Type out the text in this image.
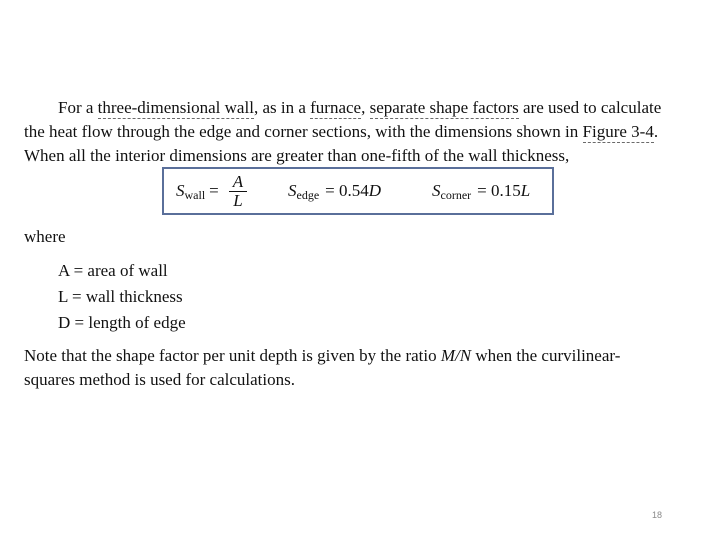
For a three-dimensional wall, as in a furnace, separate shape factors are used to calculate
the heat flow through the edge and corner sections, with the dimensions shown in Figure 3-4.
When all the interior dimensions are greater than one-fifth of the wall thickness,
S wall = $\frac{A}{L}$ S edge = 0.54 D	S corner = 0.15 L
where
A = area of wall
L = wall thickness
D = length of edge
Note that the shape factor per unit depth is given by the ratio M/N when the curvilinear-
squares method is used for calculations.
18
